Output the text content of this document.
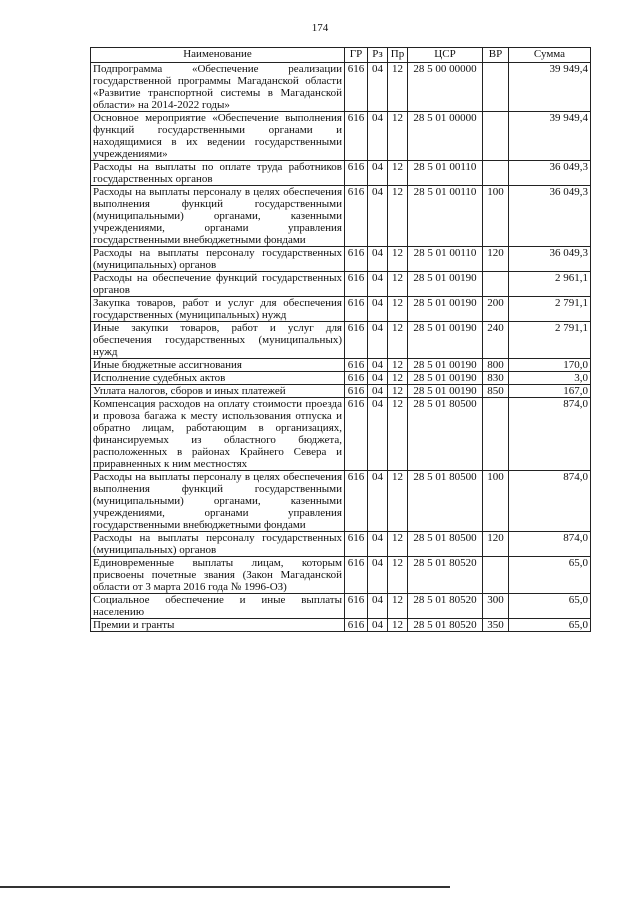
174
Наименование	ГР	Рз	Пр	ЦСР	ВР	Сумма
Подпрограмма «Обеспечение реализации государственной программы Магаданской области «Развитие транспортной системы в Магаданской области» на 2014-2022 годы»	616	04	12	28 5 00 00000		39 949,4
Основное мероприятие «Обеспечение выполнения функций государственными органами и находящимися в их ведении государственными учреждениями»	616	04	12	28 5 01 00000		39 949,4
Расходы на выплаты по оплате труда работников государственных органов	616	04	12	28 5 01 00110		36 049,3
Расходы на выплаты персоналу в целях обеспечения выполнения функций государственными (муниципальными) органами, казенными учреждениями, органами управления государственными внебюджетными фондами	616	04	12	28 5 01 00110	100	36 049,3
Расходы на выплаты персоналу государственных (муниципальных) органов	616	04	12	28 5 01 00110	120	36 049,3
Расходы на обеспечение функций государственных органов	616	04	12	28 5 01 00190		2 961,1
Закупка товаров, работ и услуг для обеспечения государственных (муниципальных) нужд	616	04	12	28 5 01 00190	200	2 791,1
Иные закупки товаров, работ и услуг для обеспечения государственных (муниципальных) нужд	616	04	12	28 5 01 00190	240	2 791,1
Иные бюджетные ассигнования	616	04	12	28 5 01 00190	800	170,0
Исполнение судебных актов	616	04	12	28 5 01 00190	830	3,0
Уплата налогов, сборов и иных платежей	616	04	12	28 5 01 00190	850	167,0
Компенсация расходов на оплату стоимости проезда и провоза багажа к месту использования отпуска и обратно лицам, работающим в организациях, финансируемых из областного бюджета, расположенных в районах Крайнего Севера и приравненных к ним местностях	616	04	12	28 5 01 80500		874,0
Расходы на выплаты персоналу в целях обеспечения выполнения функций государственными (муниципальными) органами, казенными учреждениями, органами управления государственными внебюджетными фондами	616	04	12	28 5 01 80500	100	874,0
Расходы на выплаты персоналу государственных (муниципальных) органов	616	04	12	28 5 01 80500	120	874,0
Единовременные выплаты лицам, которым присвоены почетные звания (Закон Магаданской области от 3 марта 2016 года № 1996-ОЗ)	616	04	12	28 5 01 80520		65,0
Социальное обеспечение и иные выплаты населению	616	04	12	28 5 01 80520	300	65,0
Премии и гранты	616	04	12	28 5 01 80520	350	65,0
